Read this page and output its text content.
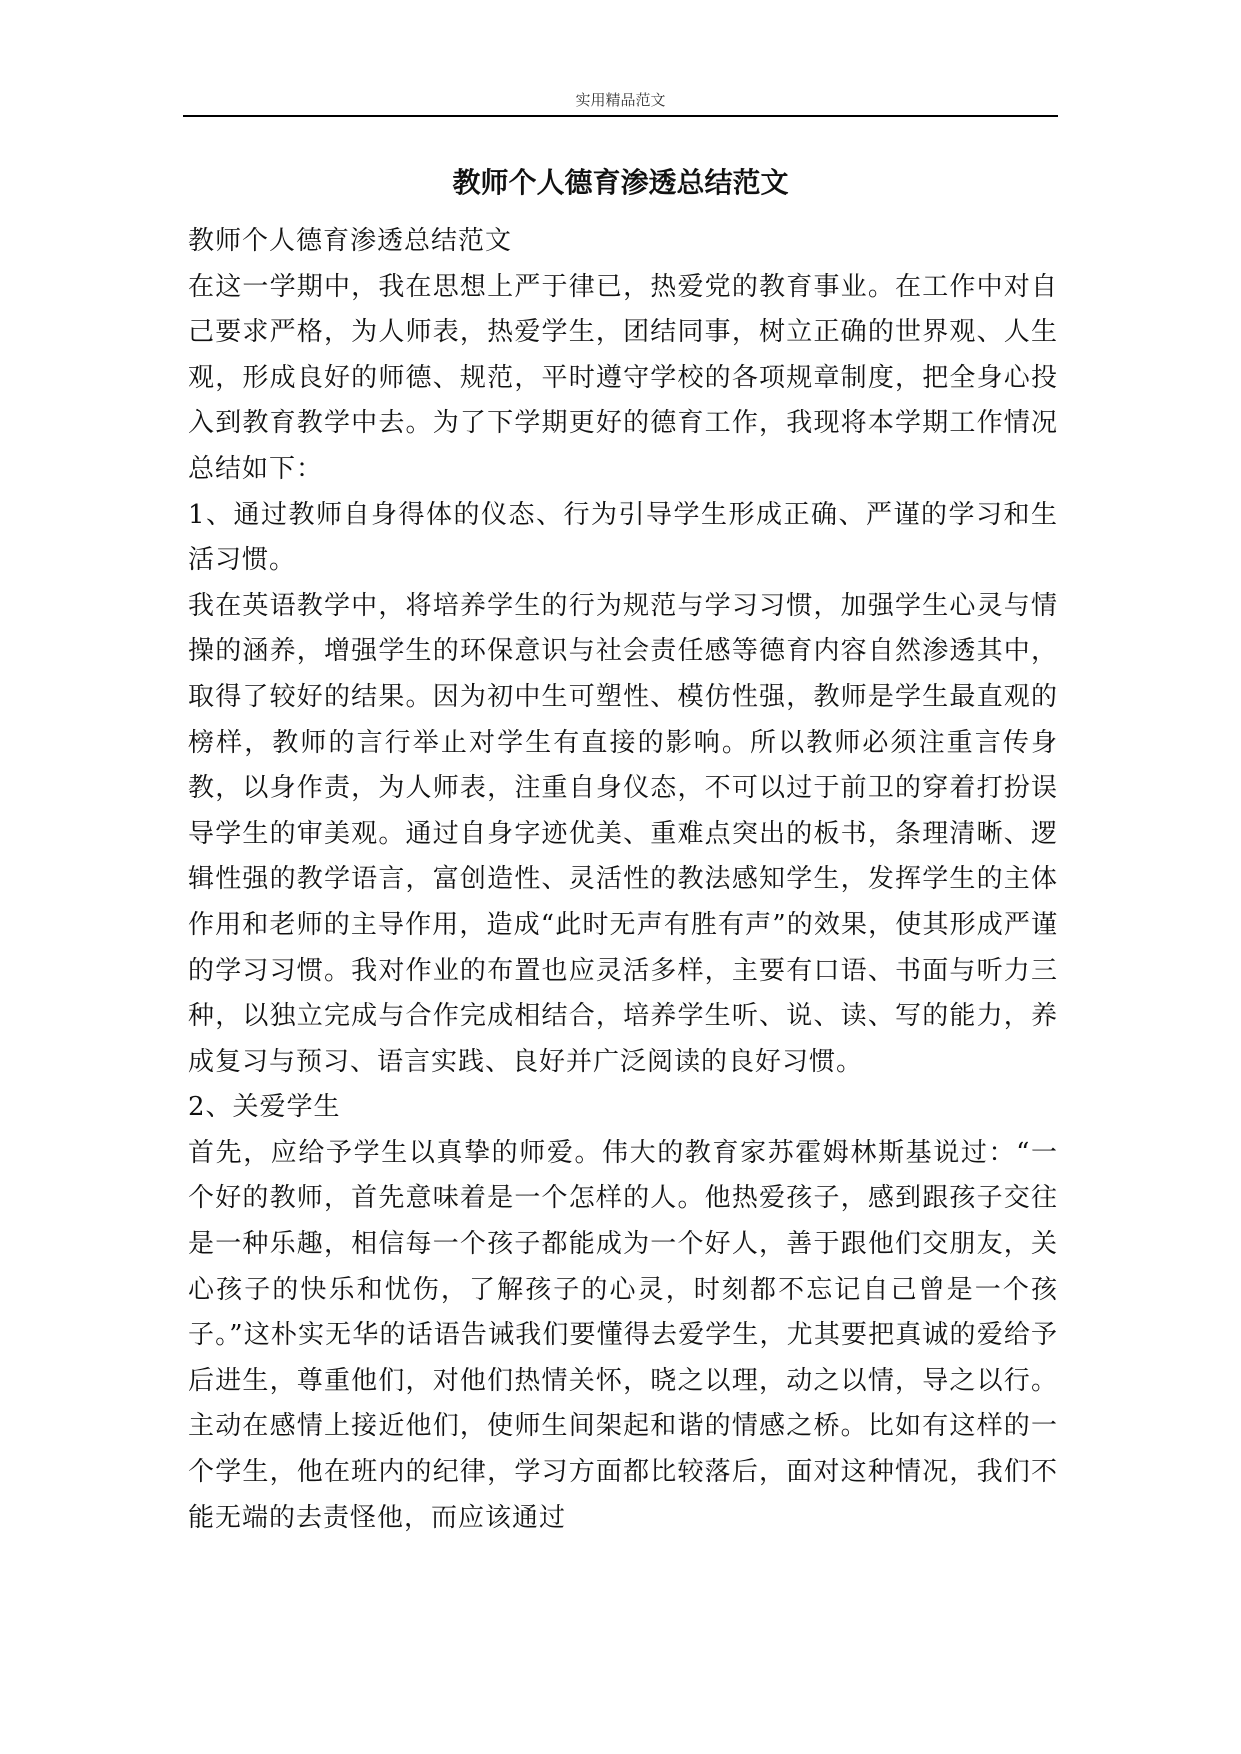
实用精品范文
教师个人德育渗透总结范文

教师个人德育渗透总结范文

在这一学期中，我在思想上严于律已，热爱党的教育事业。在工作中对自己要求严格，为人师表，热爱学生，团结同事，树立正确的世界观、人生观，形成良好的师德、规范，平时遵守学校的各项规章制度，把全身心投入到教育教学中去。为了下学期更好的德育工作，我现将本学期工作情况总结如下：

1、通过教师自身得体的仪态、行为引导学生形成正确、严谨的学习和生活习惯。

我在英语教学中，将培养学生的行为规范与学习习惯，加强学生心灵与情操的涵养，增强学生的环保意识与社会责任感等德育内容自然渗透其中，取得了较好的结果。因为初中生可塑性、模仿性强，教师是学生最直观的榜样，教师的言行举止对学生有直接的影响。所以教师必须注重言传身教，以身作责，为人师表，注重自身仪态，不可以过于前卫的穿着打扮误导学生的审美观。通过自身字迹优美、重难点突出的板书，条理清晰、逻辑性强的教学语言，富创造性、灵活性的教法感知学生，发挥学生的主体作用和老师的主导作用，造成“此时无声有胜有声”的效果，使其形成严谨的学习习惯。我对作业的布置也应灵活多样，主要有口语、书面与听力三种，以独立完成与合作完成相结合，培养学生听、说、读、写的能力，养成复习与预习、语言实践、良好并广泛阅读的良好习惯。

2、关爱学生

首先，应给予学生以真挚的师爱。伟大的教育家苏霍姆林斯基说过：“一个好的教师，首先意味着是一个怎样的人。他热爱孩子，感到跟孩子交往是一种乐趣，相信每一个孩子都能成为一个好人，善于跟他们交朋友，关心孩子的快乐和忧伤，了解孩子的心灵，时刻都不忘记自己曾是一个孩子。”这朴实无华的话语告诫我们要懂得去爱学生，尤其要把真诚的爱给予后进生，尊重他们，对他们热情关怀，晓之以理，动之以情，导之以行。主动在感情上接近他们，使师生间架起和谐的情感之桥。比如有这样的一个学生，他在班内的纪律，学习方面都比较落后，面对这种情况，我们不能无端的去责怪他，而应该通过
